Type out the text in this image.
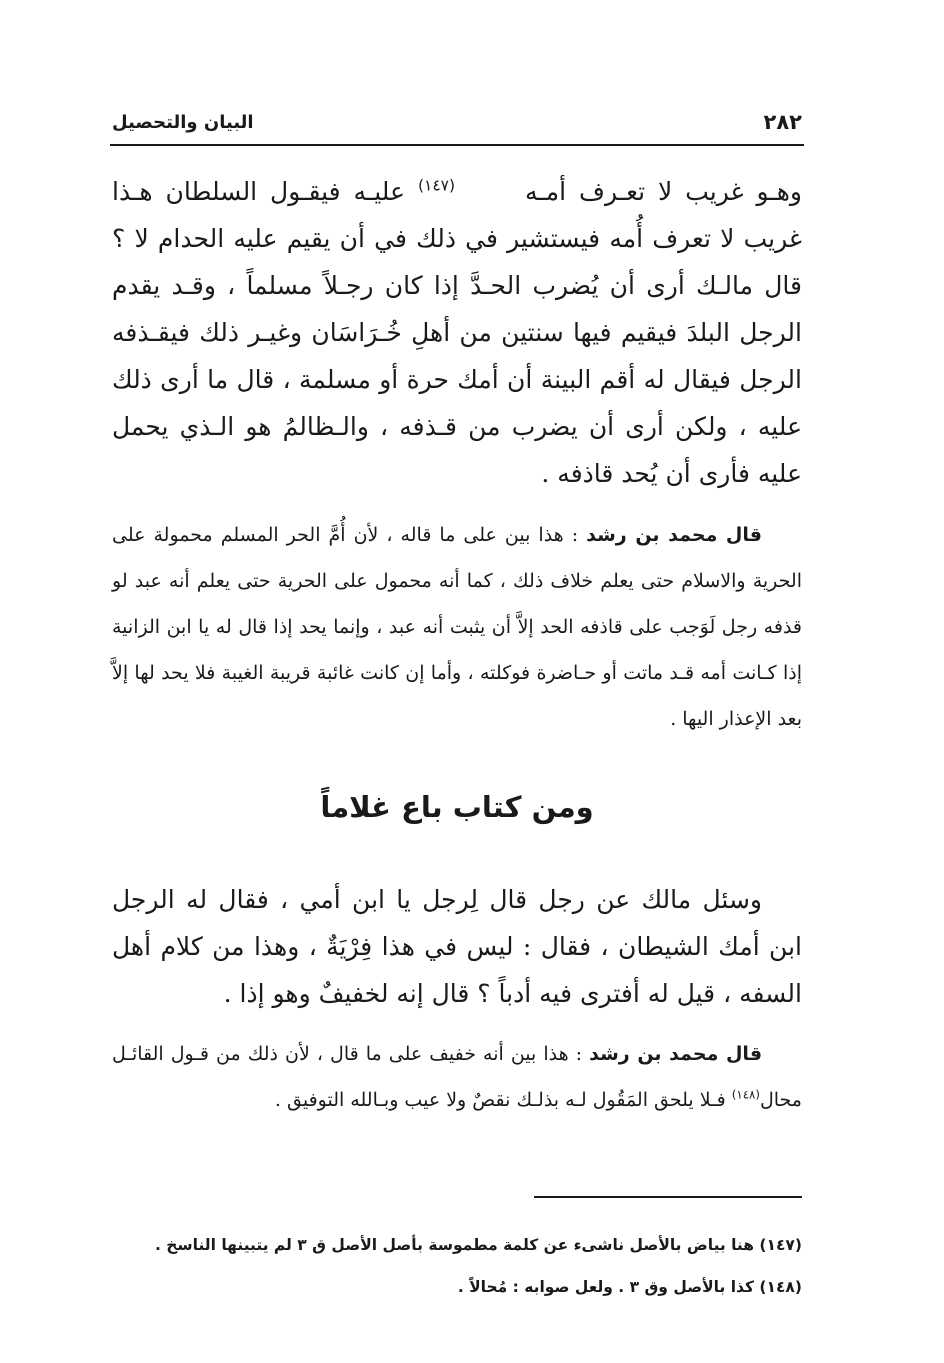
٢٨٢
البيان والتحصيل

وهـو غريب لا تعـرف أمـه$^{(١٤٧)}$ عليـه فيقـول السلطان هـذا غريب لا تعرف أُمه فيستشير في ذلك في أن يقيم عليه الحدام لا ؟ قال مالـك أرى أن يُضرب الحـدَّ إذا كان رجـلاً مسلماً ، وقـد يقدم الرجل البلدَ فيقيم فيها سنتين من أهلِ خُـرَاسَان وغيـر ذلك فيقـذفه الرجل فيقال له أقم البينة أن أمك حرة أو مسلمة ، قال ما أرى ذلك عليه ، ولكن أرى أن يضرب من قـذفه ، والـظالمُ هو الـذي يحمل عليه فأرى أن يُحد قاذفه .

قال محمد بن رشد : هذا بين على ما قاله ، لأن أُمَّ الحر المسلم محمولة على الحرية والاسلام حتى يعلم خلاف ذلك ، كما أنه محمول على الحرية حتى يعلم أنه عبد لو قذفه رجل لَوَجب على قاذفه الحد إلاَّ أن يثبت أنه عبد ، وإنما يحد إذا قال له يا ابن الزانية إذا كـانت أمه قـد ماتت أو حـاضرة فوكلته ، وأما إن كانت غائبة قريبة الغيبة فلا يحد لها إلاَّ بعد الإعذار اليها .

ومن كتاب باع غلاماً

وسئل مالك عن رجل قال لِرجل يا ابن أمي ، فقال له الرجل ابن أمك الشيطان ، فقال : ليس في هذا فِرْيَةٌ ، وهذا من كلام أهل السفه ، قيل له أفترى فيه أدباً ؟ قال إنه لخفيفٌ وهو إذا .

قال محمد بن رشد : هذا بين أنه خفيف على ما قال ، لأن ذلك من قـول القائـل محال$^{(١٤٨)}$ فـلا يلحق المَقُول لـه بذلـك نقصٌ ولا عيب وبـالله التوفيق .

(١٤٧) هنا بياض بالأصل ناشىء عن كلمة مطموسة بأصل الأصل ق ٣ لم يتبينها الناسخ .

(١٤٨) كذا بالأصل وق ٣ . ولعل صوابه : مُحالاً .
